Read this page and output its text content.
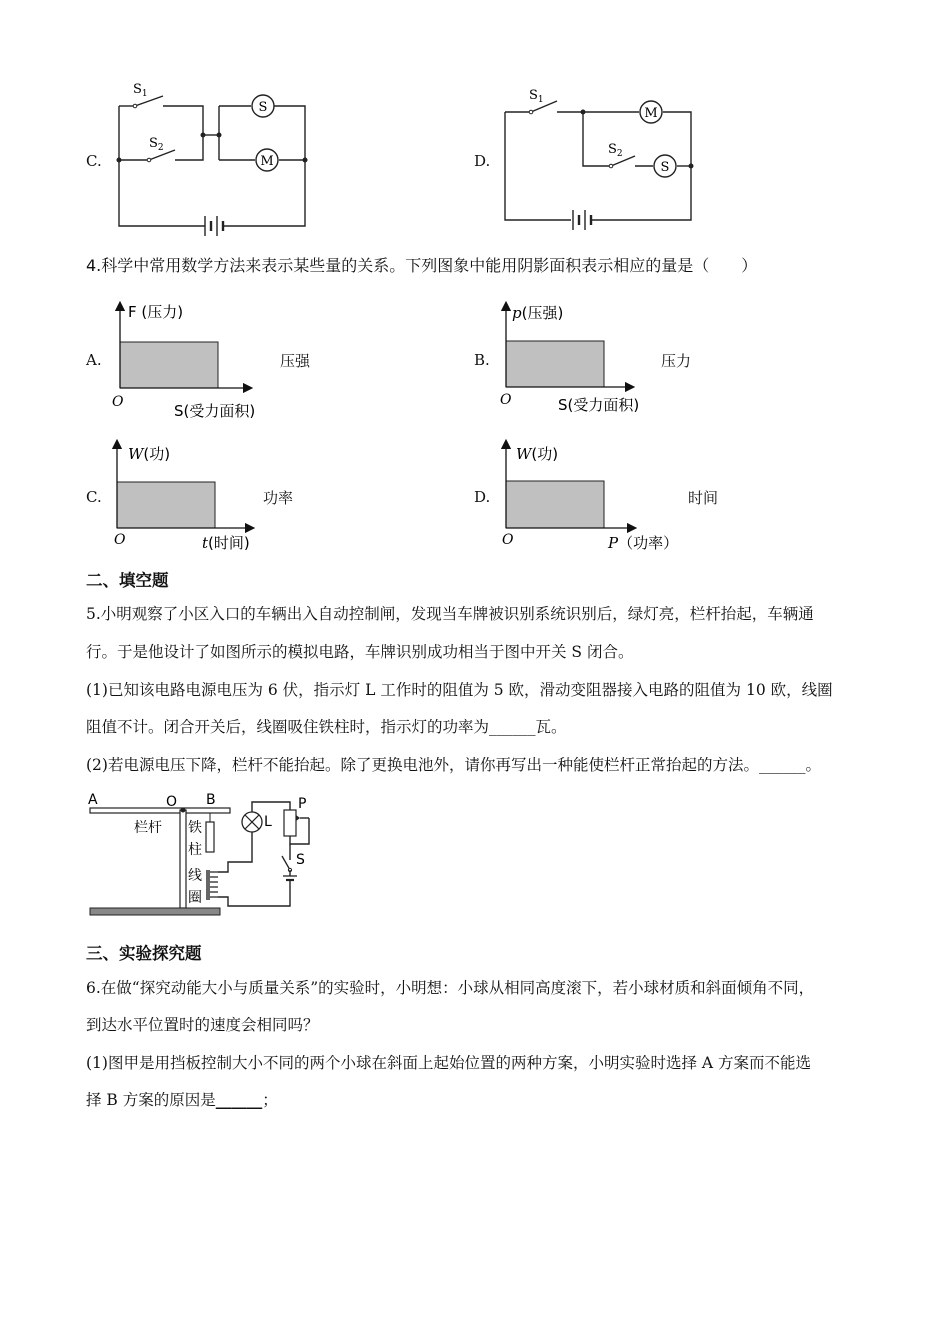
C.
$S_1$
$S_2$
S
M	D.
$S_1$
$S_2$
M
S
4.科学中常用数学方法来表示某些量的关系。下列图象中能用阴影面积表示相应的量是（　　）
A.
F (压力)
S(受力面积)
O
压强	B.
p(压强)
S(受力面积)
O
压力
C.
W(功)
t(时间)
O
功率	D.
W(功)
P（功率）
O
时间
二、填空题
5.小明观察了小区入口的车辆出入自动控制闸，发现当车牌被识别系统识别后，绿灯亮，栏杆抬起，车辆通
行。于是他设计了如图所示的模拟电路，车牌识别成功相当于图中开关 S 闭合。
(1)已知该电路电源电压为 6 伏，指示灯 L 工作时的阻值为 5 欧，滑动变阻器接入电路的阻值为 10 欧，线圈
阻值不计。闭合开关后，线圈吸住铁柱时，指示灯的功率为______瓦。
(2)若电源电压下降，栏杆不能抬起。除了更换电池外，请你再写出一种能使栏杆正常抬起的方法。______。
A	O B
栏杆 铁
柱
线
圈
L
P
S
三、实验探究题
6.在做“探究动能大小与质量关系”的实验时，小明想：小球从相同高度滚下，若小球材质和斜面倾角不同，
到达水平位置时的速度会相同吗？
(1)图甲是用挡板控制大小不同的两个小球在斜面上起始位置的两种方案，小明实验时选择 A 方案而不能选
择 B 方案的原因是______；
